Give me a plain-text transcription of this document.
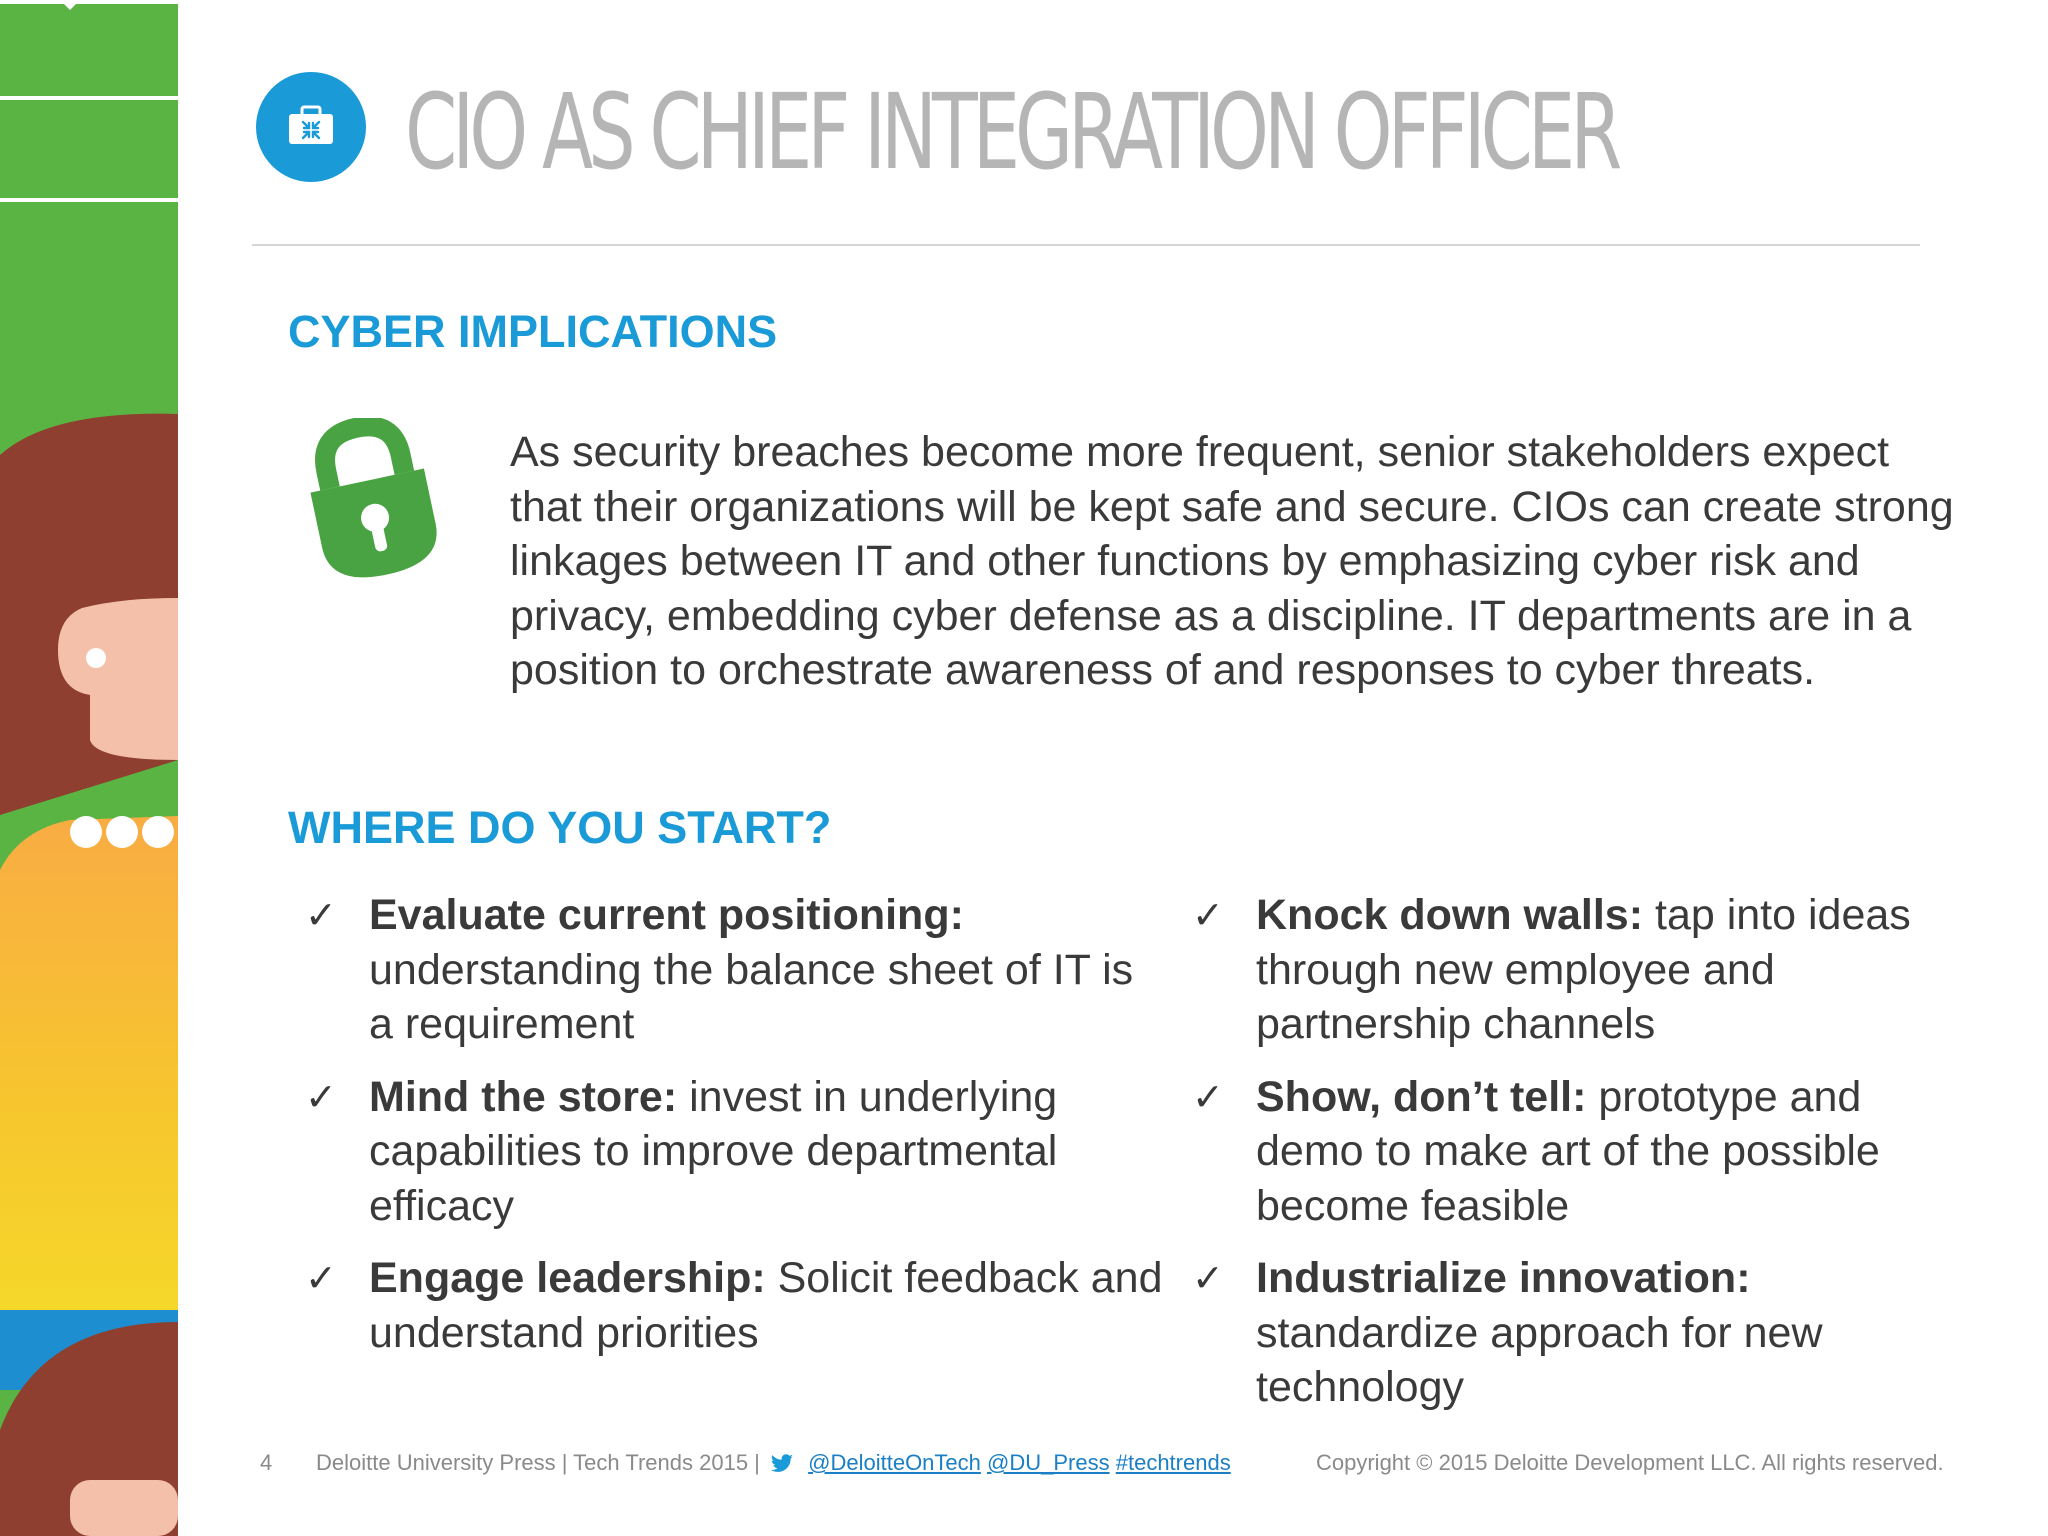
CIO AS CHIEF INTEGRATION OFFICER
CYBER IMPLICATIONS

As security breaches become more frequent, senior stakeholders expect that their organizations will be kept safe and secure. CIOs can create strong linkages between IT and other functions by emphasizing cyber risk and privacy, embedding cyber defense as a discipline. IT departments are in a position to orchestrate awareness of and responses to cyber threats.

WHERE DO YOU START?
✓ Evaluate current positioning: understanding the balance sheet of IT is a requirement
✓ Mind the store: invest in underlying capabilities to improve departmental efficacy
✓ Engage leadership: Solicit feedback and understand priorities
✓ Knock down walls: tap into ideas through new employee and partnership channels
✓ Show, don’t tell: prototype and demo to make art of the possible become feasible
✓ Industrialize innovation: standardize approach for new technology
4 Deloitte University Press | Tech Trends 2015 | @DeloitteOnTech @DU_Press #techtrends	Copyright © 2015 Deloitte Development LLC. All rights reserved.
